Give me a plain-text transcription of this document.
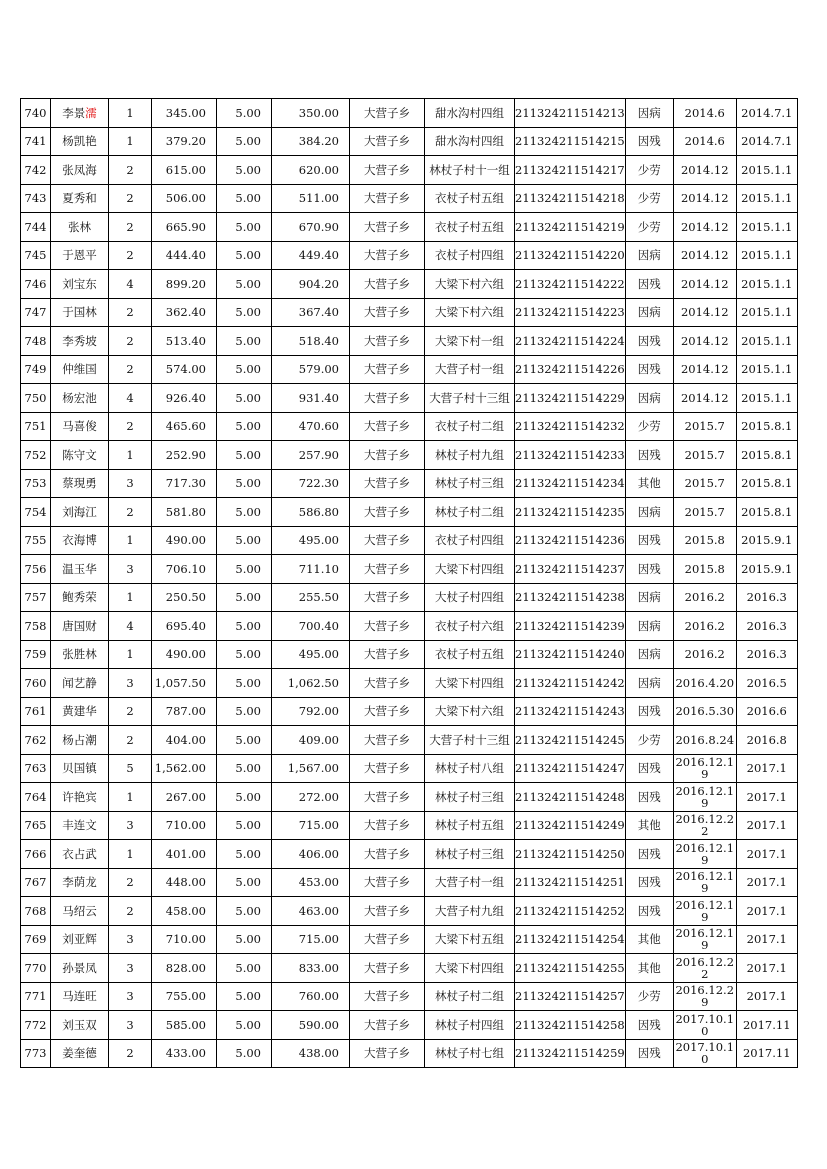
740	李景濡	1	345.00	5.00	350.00	大营子乡	甜水沟村四组	211324211514213	因病	2014.6	2014.7.1
741	杨凯艳	1	379.20	5.00	384.20	大营子乡	甜水沟村四组	211324211514215	因残	2014.6	2014.7.1
742	张凤海	2	615.00	5.00	620.00	大营子乡	林杖子村十一组	211324211514217	少劳	2014.12	2015.1.1
743	夏秀和	2	506.00	5.00	511.00	大营子乡	衣杖子村五组	211324211514218	少劳	2014.12	2015.1.1
744	张林	2	665.90	5.00	670.90	大营子乡	衣杖子村五组	211324211514219	少劳	2014.12	2015.1.1
745	于恩平	2	444.40	5.00	449.40	大营子乡	衣杖子村四组	211324211514220	因病	2014.12	2015.1.1
746	刘宝东	4	899.20	5.00	904.20	大营子乡	大梁下村六组	211324211514222	因残	2014.12	2015.1.1
747	于国林	2	362.40	5.00	367.40	大营子乡	大梁下村六组	211324211514223	因病	2014.12	2015.1.1
748	李秀坡	2	513.40	5.00	518.40	大营子乡	大梁下村一组	211324211514224	因残	2014.12	2015.1.1
749	仲维国	2	574.00	5.00	579.00	大营子乡	大营子村一组	211324211514226	因残	2014.12	2015.1.1
750	杨宏池	4	926.40	5.00	931.40	大营子乡	大营子村十三组	211324211514229	因病	2014.12	2015.1.1
751	马喜俊	2	465.60	5.00	470.60	大营子乡	衣杖子村二组	211324211514232	少劳	2015.7	2015.8.1
752	陈守文	1	252.90	5.00	257.90	大营子乡	林杖子村九组	211324211514233	因残	2015.7	2015.8.1
753	蔡現勇	3	717.30	5.00	722.30	大营子乡	林杖子村三组	211324211514234	其他	2015.7	2015.8.1
754	刘海江	2	581.80	5.00	586.80	大营子乡	林杖子村二组	211324211514235	因病	2015.7	2015.8.1
755	衣海博	1	490.00	5.00	495.00	大营子乡	衣杖子村四组	211324211514236	因残	2015.8	2015.9.1
756	温玉华	3	706.10	5.00	711.10	大营子乡	大梁下村四组	211324211514237	因残	2015.8	2015.9.1
757	鲍秀荣	1	250.50	5.00	255.50	大营子乡	大杖子村四组	211324211514238	因病	2016.2	2016.3
758	唐国财	4	695.40	5.00	700.40	大营子乡	衣杖子村六组	211324211514239	因病	2016.2	2016.3
759	张胜林	1	490.00	5.00	495.00	大营子乡	衣杖子村五组	211324211514240	因病	2016.2	2016.3
760	闻艺静	3	1,057.50	5.00	1,062.50	大营子乡	大梁下村四组	211324211514242	因病	2016.4.20	2016.5
761	黄建华	2	787.00	5.00	792.00	大营子乡	大梁下村六组	211324211514243	因残	2016.5.30	2016.6
762	杨占潮	2	404.00	5.00	409.00	大营子乡	大营子村十三组	211324211514245	少劳	2016.8.24	2016.8
763	贝国镇	5	1,562.00	5.00	1,567.00	大营子乡	林杖子村八组	211324211514247	因残	2016.12.19	2017.1
764	许艳宾	1	267.00	5.00	272.00	大营子乡	林杖子村三组	211324211514248	因残	2016.12.19	2017.1
765	丰连文	3	710.00	5.00	715.00	大营子乡	林杖子村五组	211324211514249	其他	2016.12.22	2017.1
766	衣占武	1	401.00	5.00	406.00	大营子乡	林杖子村三组	211324211514250	因残	2016.12.19	2017.1
767	李荫龙	2	448.00	5.00	453.00	大营子乡	大营子村一组	211324211514251	因残	2016.12.19	2017.1
768	马绍云	2	458.00	5.00	463.00	大营子乡	大营子村九组	211324211514252	因残	2016.12.19	2017.1
769	刘亚辉	3	710.00	5.00	715.00	大营子乡	大梁下村五组	211324211514254	其他	2016.12.19	2017.1
770	孙景凤	3	828.00	5.00	833.00	大营子乡	大梁下村四组	211324211514255	其他	2016.12.22	2017.1
771	马连旺	3	755.00	5.00	760.00	大营子乡	林杖子村二组	211324211514257	少劳	2016.12.29	2017.1
772	刘玉双	3	585.00	5.00	590.00	大营子乡	林杖子村四组	211324211514258	因残	2017.10.10	2017.11
773	姜奎德	2	433.00	5.00	438.00	大营子乡	林杖子村七组	211324211514259	因残	2017.10.10	2017.11
